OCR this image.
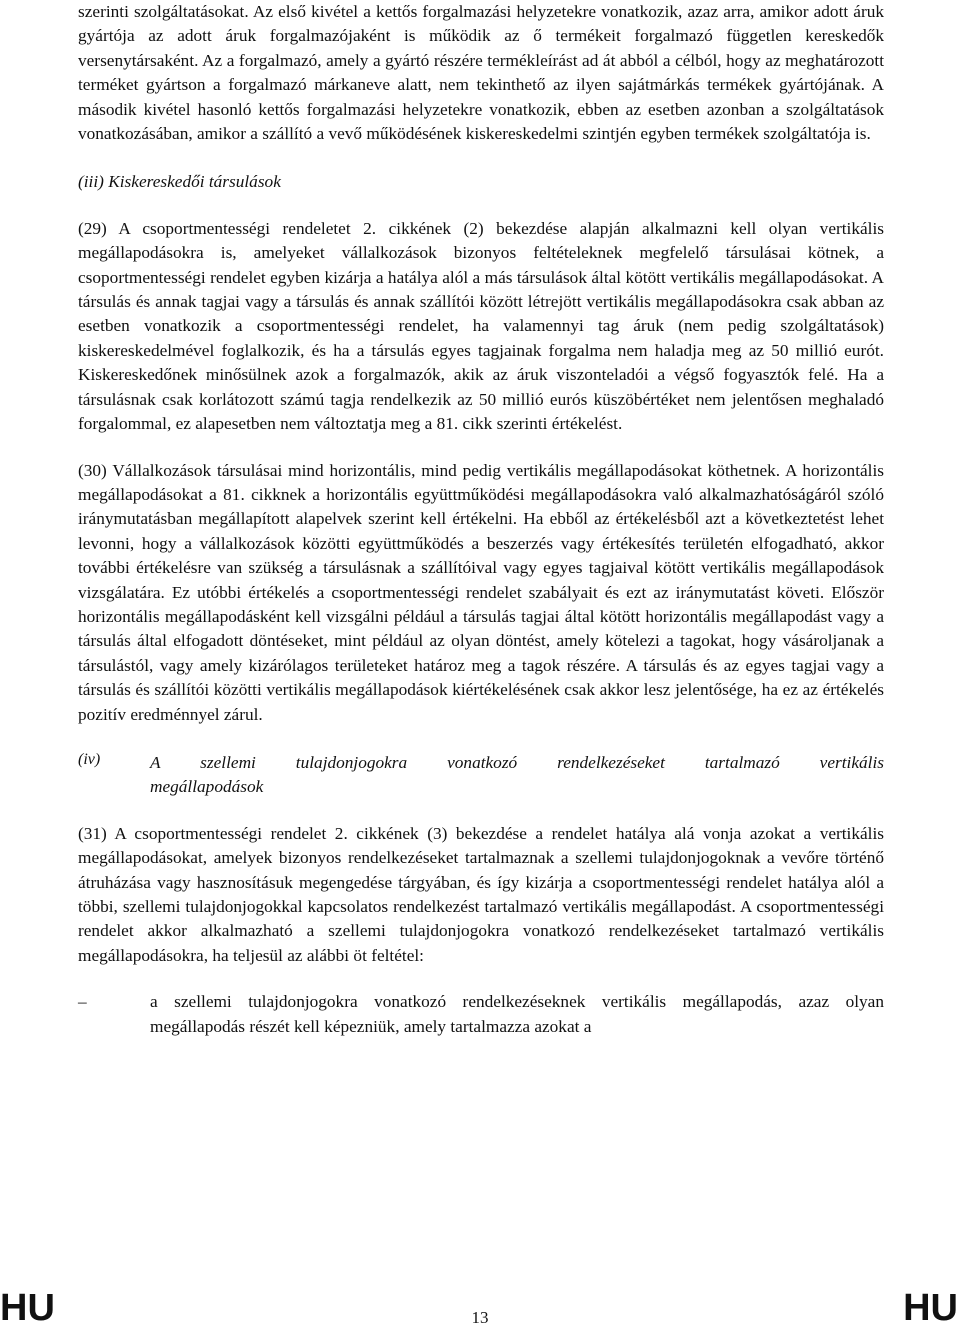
szerinti szolgáltatásokat. Az első kivétel a kettős forgalmazási helyzetekre vonatkozik, azaz arra, amikor adott áruk gyártója az adott áruk forgalmazójaként is működik az ő termékeit forgalmazó független kereskedők versenytársaként. Az a forgalmazó, amely a gyártó részére termékleírást ad át abból a célból, hogy az meghatározott terméket gyártson a forgalmazó márkaneve alatt, nem tekinthető az ilyen sajátmárkás termékek gyártójának. A második kivétel hasonló kettős forgalmazási helyzetekre vonatkozik, ebben az esetben azonban a szolgáltatások vonatkozásában, amikor a szállító a vevő működésének kiskereskedelmi szintjén egyben termékek szolgáltatója is.

(iii) Kiskereskedői társulások

(29) A csoportmentességi rendeletet 2. cikkének (2) bekezdése alapján alkalmazni kell olyan vertikális megállapodásokra is, amelyeket vállalkozások bizonyos feltételeknek megfelelő társulásai kötnek, a csoportmentességi rendelet egyben kizárja a hatálya alól a más társulások által kötött vertikális megállapodásokat. A társulás és annak tagjai vagy a társulás és annak szállítói között létrejött vertikális megállapodásokra csak abban az esetben vonatkozik a csoportmentességi rendelet, ha valamennyi tag áruk (nem pedig szolgáltatások) kiskereskedelmével foglalkozik, és ha a társulás egyes tagjainak forgalma nem haladja meg az 50 millió eurót. Kiskereskedőnek minősülnek azok a forgalmazók, akik az áruk viszonteladói a végső fogyasztók felé. Ha a társulásnak csak korlátozott számú tagja rendelkezik az 50 millió eurós küszöbértéket nem jelentősen meghaladó forgalommal, ez alapesetben nem változtatja meg a 81. cikk szerinti értékelést.

(30) Vállalkozások társulásai mind horizontális, mind pedig vertikális megállapodásokat köthetnek. A horizontális megállapodásokat a 81. cikknek a horizontális együttműködési megállapodásokra való alkalmazhatóságáról szóló iránymutatásban megállapított alapelvek szerint kell értékelni. Ha ebből az értékelésből azt a következtetést lehet levonni, hogy a vállalkozások közötti együttműködés a beszerzés vagy értékesítés területén elfogadható, akkor további értékelésre van szükség a társulásnak a szállítóival vagy egyes tagjaival kötött vertikális megállapodások vizsgálatára. Ez utóbbi értékelés a csoportmentességi rendelet szabályait és ezt az iránymutatást követi. Először horizontális megállapodásként kell vizsgálni például a társulás tagjai által kötött horizontális megállapodást vagy a társulás által elfogadott döntéseket, mint például az olyan döntést, amely kötelezi a tagokat, hogy vásároljanak a társulástól, vagy amely kizárólagos területeket határoz meg a tagok részére. A társulás és az egyes tagjai vagy a társulás és szállítói közötti vertikális megállapodások kiértékelésének csak akkor lesz jelentősége, ha ez az értékelés pozitív eredménnyel zárul.

(iv)	A szellemi tulajdonjogokra vonatkozó rendelkezéseket tartalmazó vertikális
megállapodások

(31) A csoportmentességi rendelet 2. cikkének (3) bekezdése a rendelet hatálya alá vonja azokat a vertikális megállapodásokat, amelyek bizonyos rendelkezéseket tartalmaznak a szellemi tulajdonjogoknak a vevőre történő átruházása vagy hasznosításuk megengedése tárgyában, és így kizárja a csoportmentességi rendelet hatálya alól a többi, szellemi tulajdonjogokkal kapcsolatos rendelkezést tartalmazó vertikális megállapodást. A csoportmentességi rendelet akkor alkalmazható a szellemi tulajdonjogokra vonatkozó rendelkezéseket tartalmazó vertikális megállapodásokra, ha teljesül az alábbi öt feltétel:

–	a szellemi tulajdonjogokra vonatkozó rendelkezéseknek vertikális megállapodás, azaz olyan megállapodás részét kell képezniük, amely tartalmazza azokat a

HU	13	HU
